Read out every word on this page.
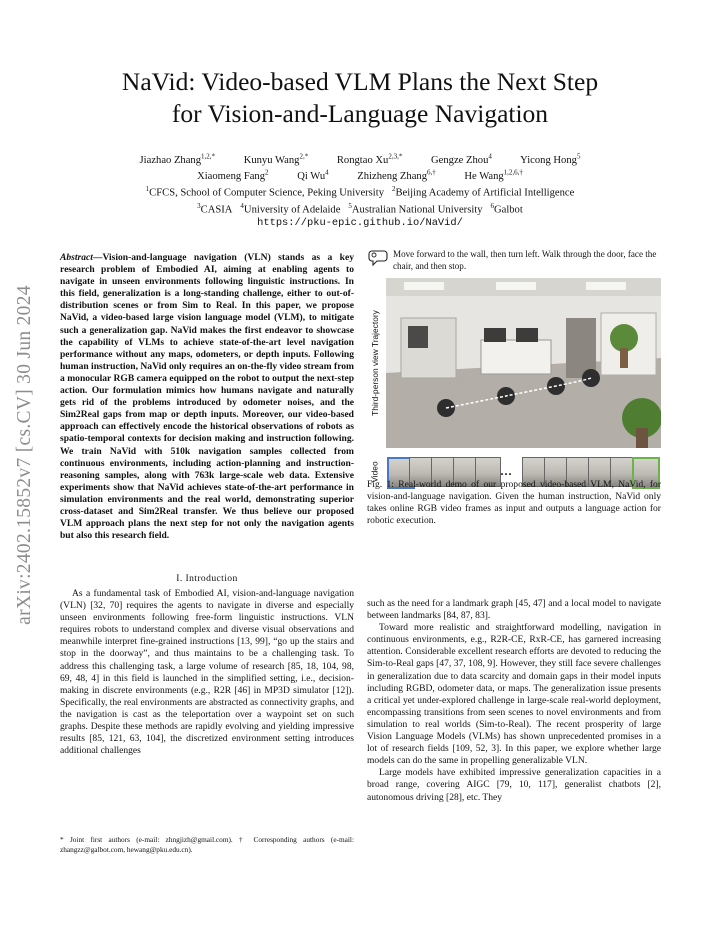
arXiv:2402.15852v7 [cs.CV] 30 Jun 2024
NaVid: Video-based VLM Plans the Next Step
for Vision-and-Language Navigation
Jiazhao Zhang$^{1,2,*}$	Kunyu Wang$^{2,*}$	Rongtao $Xu^{2,3,*}$	Gengze Zhou$^4$	Yicong Hong$^5$
Xiaomeng Fang$^2$	Qi Wu$^4$	Zhizheng Zhang$^{6,\dagger}$	He Wang$^{1,2,6,\dagger}$
$^1$CFCS, School of Computer Science, Peking University $^2$Beijing Academy of Artificial Intelligence
$^3$CASIA $^4$University of Adelaide $^5$Australian National University $^6$Galbot
https://pku-epic.github.io/NaVid/

Abstract—Vision-and-language navigation (VLN) stands as a key research problem of Embodied AI, aiming at enabling agents to navigate in unseen environments following linguistic instructions. In this field, generalization is a long-standing challenge, either to out-of-distribution scenes or from Sim to Real. In this paper, we propose NaVid, a video-based large vision language model (VLM), to mitigate such a generalization gap. NaVid makes the first endeavor to showcase the capability of VLMs to achieve state-of-the-art level navigation performance without any maps, odometers, or depth inputs. Following human instruction, NaVid only requires an on-the-fly video stream from a monocular RGB camera equipped on the robot to output the next-step action. Our formulation mimics how humans navigate and naturally gets rid of the problems introduced by odometer noises, and the Sim2Real gaps from map or depth inputs. Moreover, our video-based approach can effectively encode the historical observations of robots as spatio-temporal contexts for decision making and instruction following. We train NaVid with 510k navigation samples collected from continuous environments, including action-planning and instruction-reasoning samples, along with 763k large-scale web data. Extensive experiments show that NaVid achieves state-of-the-art performance in simulation environments and the real world, demonstrating superior cross-dataset and Sim2Real transfer. We thus believe our proposed VLM approach plans the next step for not only the navigation agents but also this research field.

I. Introduction

As a fundamental task of Embodied AI, vision-and-language navigation (VLN) [32, 70] requires the agents to navigate in diverse and especially unseen environments following free-form linguistic instructions. VLN requires robots to understand complex and diverse visual observations and meanwhile interpret fine-grained instructions [13, 99], “go up the stairs and stop in the doorway”, and thus maintains to be a challenging task. To address this challenging task, a large volume of research [85, 18, 104, 98, 69, 48, 4] in this field is launched in the simplified setting, i.e., decision-making in discrete environments (e.g., R2R [46] in MP3D simulator [12]). Specifically, the real environments are abstracted as connectivity graphs, and the navigation is cast as the teleportation over a waypoint set on such graphs. Despite these methods are rapidly evolving and yielding impressive results [85, 121, 63, 104], the discretized environment setting introduces additional challenges

* Joint first authors (e-mail: zhngjizh@gmail.com). † Corresponding authors (e-mail: zhangzz@galbot.com, hewang@pku.edu.cn).
Move forward to the wall, then turn left. Walk through the door, face the chair, and then stop.
Third-person view Trajectory
Video	···

Fig. 1: Real-world demo of our proposed video-based VLM, NaVid, for vision-and-language navigation. Given the human instruction, NaVid only takes online RGB video frames as input and outputs a language action for robotic execution.

such as the need for a landmark graph [45, 47] and a local model to navigate between landmarks [84, 87, 83].

Toward more realistic and straightforward modelling, navigation in continuous environments, e.g., R2R-CE, RxR-CE, has garnered increasing attention. Considerable excellent research efforts are devoted to reducing the Sim-to-Real gaps [47, 37, 108, 9]. However, they still face severe challenges in generalization due to data scarcity and domain gaps in their model inputs including RGBD, odometer data, or maps. The generalization issue presents a critical yet under-explored challenge in large-scale real-world deployment, encompassing transitions from seen scenes to novel environments and from simulation to real worlds (Sim-to-Real). The recent prosperity of large Vision Language Models (VLMs) has shown unprecedented promises in a lot of research fields [109, 52, 3]. In this paper, we explore whether large models can do the same in propelling generalizable VLN.

Large models have exhibited impressive generalization capacities in a broad range, covering AIGC [79, 10, 117], generalist chatbots [2], autonomous driving [28], etc. They
